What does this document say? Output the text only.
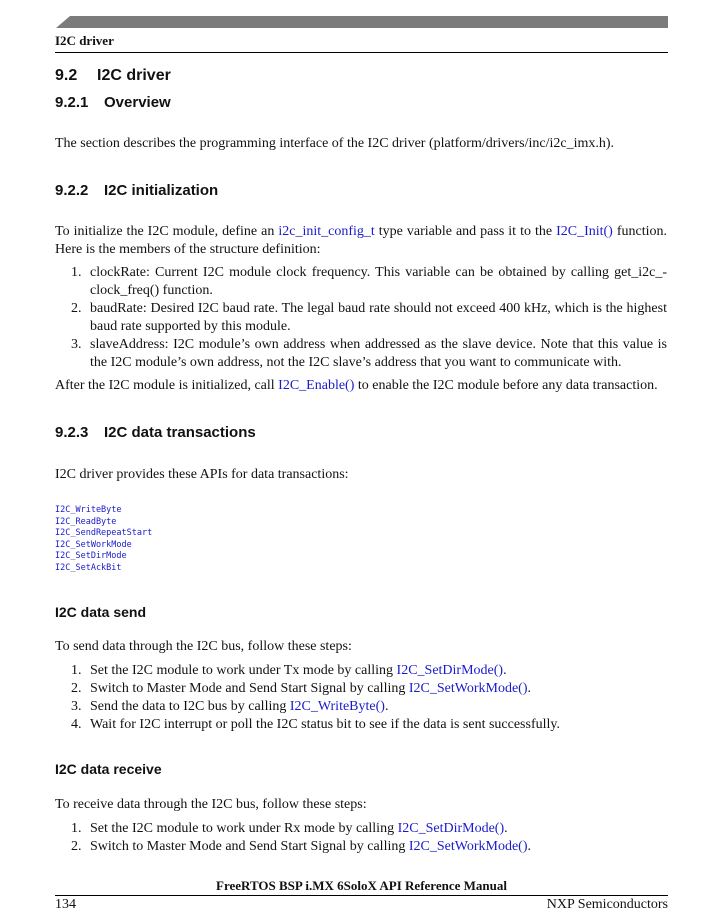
I2C driver
9.2 I2C driver
9.2.1 Overview

The section describes the programming interface of the I2C driver (platform/drivers/inc/i2c_imx.h).

9.2.2 I2C initialization

To initialize the I2C module, define an i2c_init_config_t type variable and pass it to the I2C_Init() function. Here is the members of the structure definition:

1. clockRate: Current I2C module clock frequency. This variable can be obtained by calling get_i2c_-clock_freq() function.
2. baudRate: Desired I2C baud rate. The legal baud rate should not exceed 400 kHz, which is the highest baud rate supported by this module.
3. slaveAddress: I2C module’s own address when addressed as the slave device. Note that this value is the I2C module’s own address, not the I2C slave’s address that you want to communicate with.

After the I2C module is initialized, call I2C_Enable() to enable the I2C module before any data transaction.

9.2.3 I2C data transactions

I2C driver provides these APIs for data transactions:

I2C_WriteByte
I2C_ReadByte
I2C_SendRepeatStart
I2C_SetWorkMode
I2C_SetDirMode
I2C_SetAckBit
I2C data send

To send data through the I2C bus, follow these steps:

1. Set the I2C module to work under Tx mode by calling I2C_SetDirMode().
2. Switch to Master Mode and Send Start Signal by calling I2C_SetWorkMode().
3. Send the data to I2C bus by calling I2C_WriteByte().
4. Wait for I2C interrupt or poll the I2C status bit to see if the data is sent successfully.
I2C data receive

To receive data through the I2C bus, follow these steps:

1. Set the I2C module to work under Rx mode by calling I2C_SetDirMode().
2. Switch to Master Mode and Send Start Signal by calling I2C_SetWorkMode().
FreeRTOS BSP i.MX 6SoloX API Reference Manual
134	NXP Semiconductors
